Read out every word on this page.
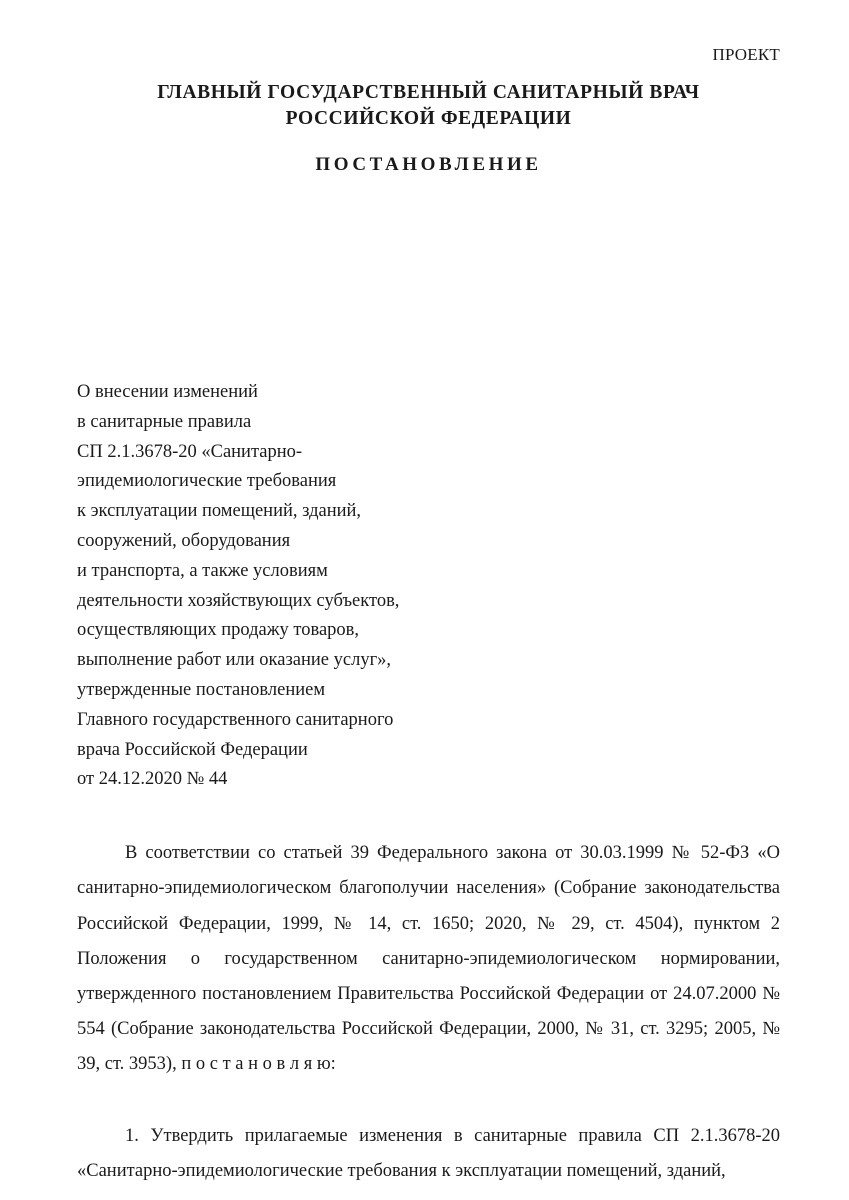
ПРОЕКТ
ГЛАВНЫЙ ГОСУДАРСТВЕННЫЙ САНИТАРНЫЙ ВРАЧ
РОССИЙСКОЙ ФЕДЕРАЦИИ
ПОСТАНОВЛЕНИЕ
О внесении изменений
в санитарные правила
СП 2.1.3678-20 «Санитарно-
эпидемиологические требования
к эксплуатации помещений, зданий,
сооружений, оборудования
и транспорта, а также условиям
деятельности хозяйствующих субъектов,
осуществляющих продажу товаров,
выполнение работ или оказание услуг»,
утвержденные постановлением
Главного государственного санитарного
врача Российской Федерации
от 24.12.2020 № 44

В соответствии со статьей 39 Федерального закона от 30.03.1999 № 52-ФЗ «О санитарно-эпидемиологическом благополучии населения» (Собрание законодательства Российской Федерации, 1999, № 14, ст. 1650; 2020, № 29, ст. 4504), пунктом 2 Положения о государственном санитарно-эпидемиологическом нормировании, утвержденного постановлением Правительства Российской Федерации от 24.07.2000 № 554 (Собрание законодательства Российской Федерации, 2000, № 31, ст. 3295; 2005, № 39, ст. 3953), п о с т а н о в л я ю:

1. Утвердить прилагаемые изменения в санитарные правила СП 2.1.3678-20 «Санитарно-эпидемиологические требования к эксплуатации помещений, зданий,
